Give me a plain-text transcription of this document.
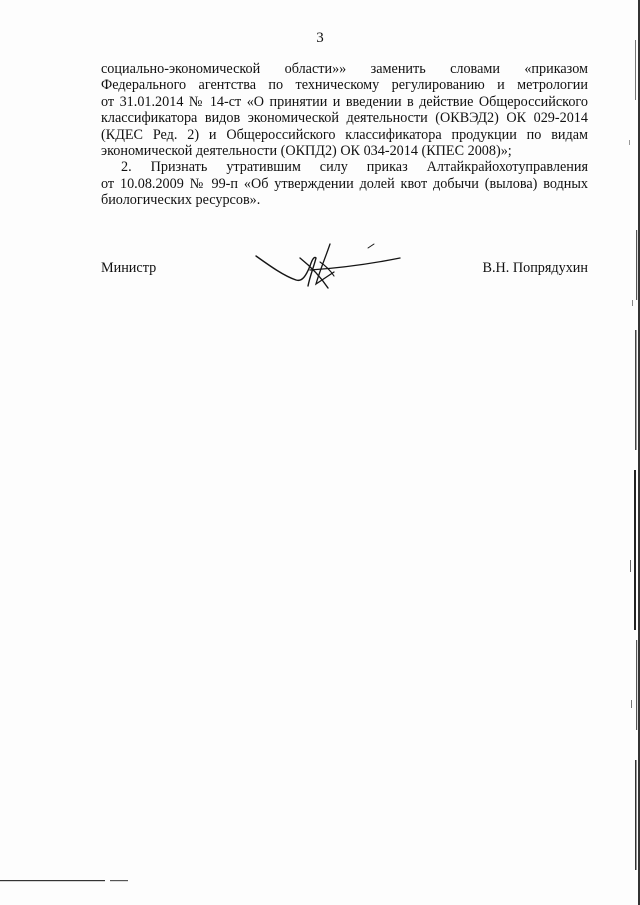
3
социально-экономической области»» заменить словами «приказом
Федерального агентства по техническому регулированию и метрологии
от 31.01.2014 № 14-ст «О принятии и введении в действие Общероссийского
классификатора видов экономической деятельности (ОКВЭД2) ОК 029-2014
(КДЕС Ред. 2) и Общероссийского классификатора продукции по видам
экономической деятельности (ОКПД2) ОК 034-2014 (КПЕС 2008)»;
2. Признать утратившим силу приказ Алтайкрайохотуправления
от 10.08.2009 № 99-п «Об утверждении долей квот добычи (вылова) водных
биологических ресурсов».
Министр	В.Н. Попрядухин
